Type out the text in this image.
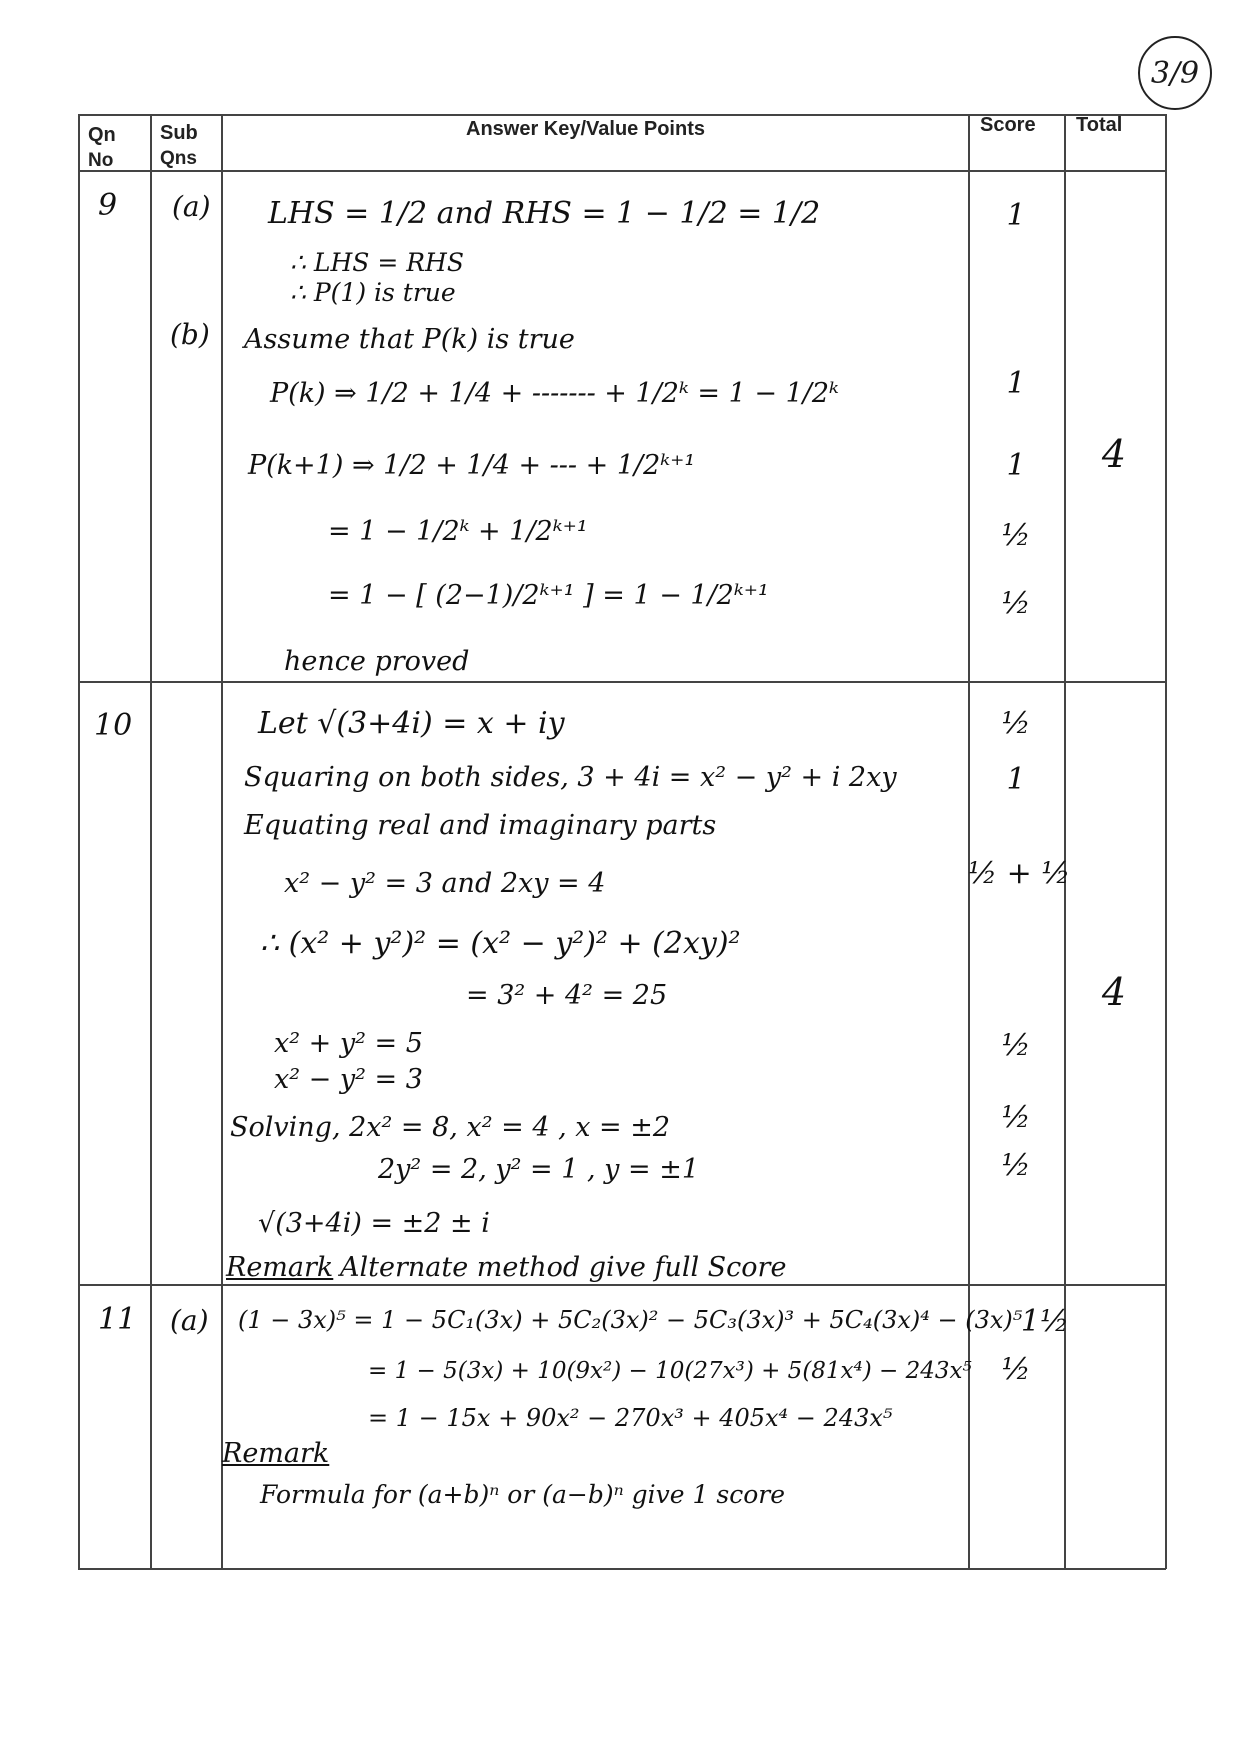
3/9
Qn
No
Sub
Qns
Answer Key/Value Points	Score Total
9 (a)
(b)
LHS = 1/2 and RHS = 1 − 1/2 = 1/2
∴ LHS = RHS
∴ P(1) is true
Assume that P(k) is true
P(k) ⇒ 1/2 + 1/4 + ------- + 1/2ᵏ = 1 − 1/2ᵏ
P(k+1) ⇒ 1/2 + 1/4 + --- + 1/2ᵏ⁺¹
= 1 − 1/2ᵏ + 1/2ᵏ⁺¹
= 1 − [ (2−1)/2ᵏ⁺¹ ] = 1 − 1/2ᵏ⁺¹
hence proved
1
1
1
½
½
4
10	Let √(3+4i) = x + iy
Squaring on both sides, 3 + 4i = x² − y² + i 2xy
Equating real and imaginary parts
x² − y² = 3 and 2xy = 4
∴ (x² + y²)² = (x² − y²)² + (2xy)²
= 3² + 4² = 25
x² + y² = 5
x² − y² = 3
Solving, 2x² = 8, x² = 4 , x = ±2
2y² = 2, y² = 1 , y = ±1
√(3+4i) = ±2 ± i
Remark Alternate method give full Score
½
1
½ + ½
½
½
½
4
11 (a) (1 − 3x)⁵ = 1 − 5C₁(3x) + 5C₂(3x)² − 5C₃(3x)³ + 5C₄(3x)⁴ − (3x)⁵
= 1 − 5(3x) + 10(9x²) − 10(27x³) + 5(81x⁴) − 243x⁵
= 1 − 15x + 90x² − 270x³ + 405x⁴ − 243x⁵
Remark
Formula for (a+b)ⁿ or (a−b)ⁿ give 1 score
1½
½
